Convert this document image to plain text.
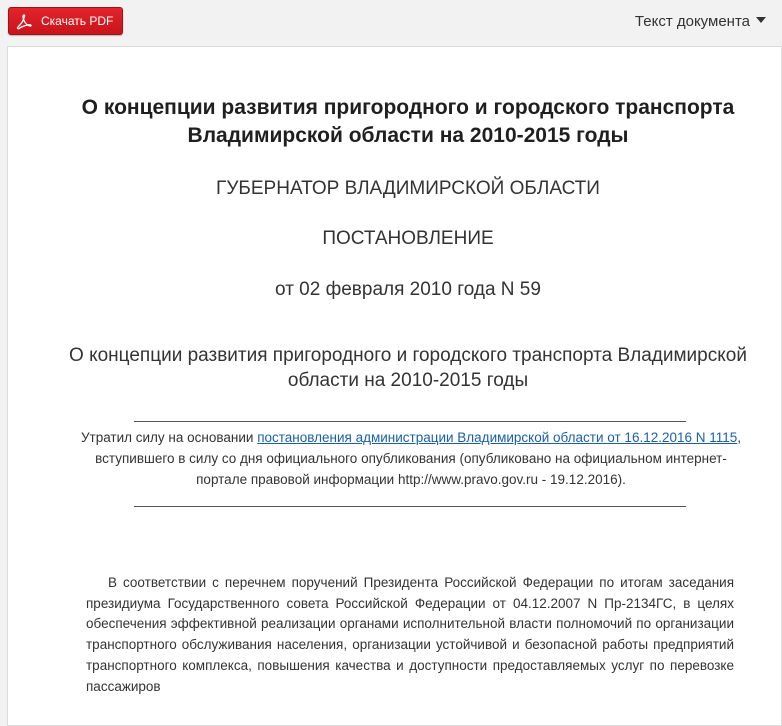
Скачать PDF	Текст документа
О концепции развития пригородного и городского транспорта Владимирской области на 2010-2015 годы
ГУБЕРНАТОР ВЛАДИМИРСКОЙ ОБЛАСТИ
ПОСТАНОВЛЕНИЕ
от 02 февраля 2010 года N 59
О концепции развития пригородного и городского транспорта Владимирской области на 2010-2015 годы
Утратил силу на основании постановления администрации Владимирской области от 16.12.2016 N 1115, вступившего в силу со дня официального опубликования (опубликовано на официальном интернет-портале правовой информации http://www.pravo.gov.ru - 19.12.2016).
В соответствии с перечнем поручений Президента Российской Федерации по итогам заседания президиума Государственного совета Российской Федерации от 04.12.2007 N Пр-2134ГС, в целях обеспечения эффективной реализации органами исполнительной власти полномочий по организации транспортного обслуживания населения, организации устойчивой и безопасной работы предприятий транспортного комплекса, повышения качества и доступности предоставляемых услуг по перевозке пассажиров
